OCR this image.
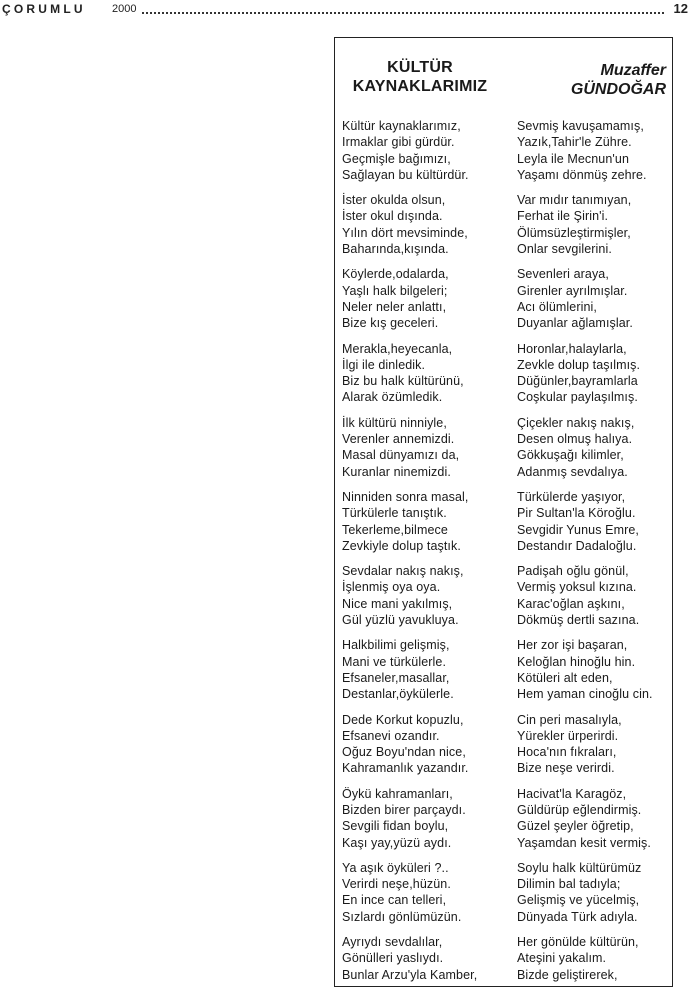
ÇORUMLU 2000	12
KÜLTÜR
KAYNAKLARIMIZ
Muzaffer
GÜNDOĞAR
Kültür kaynaklarımız,
Irmaklar gibi gürdür.
Geçmişle bağımızı,
Sağlayan bu kültürdür.
İster okulda olsun,
İster okul dışında.
Yılın dört mevsiminde,
Baharında,kışında.
Köylerde,odalarda,
Yaşlı halk bilgeleri;
Neler neler anlattı,
Bize kış geceleri.
Merakla,heyecanla,
İlgi ile dinledik.
Biz bu halk kültürünü,
Alarak özümledik.
İlk kültürü ninniyle,
Verenler annemizdi.
Masal dünyamızı da,
Kuranlar ninemizdi.
Ninniden sonra masal,
Türkülerle tanıştık.
Tekerleme,bilmece
Zevkiyle dolup taştık.
Sevdalar nakış nakış,
İşlenmiş oya oya.
Nice mani yakılmış,
Gül yüzlü yavukluya.
Halkbilimi gelişmiş,
Mani ve türkülerle.
Efsaneler,masallar,
Destanlar,öykülerle.
Dede Korkut kopuzlu,
Efsanevi ozandır.
Oğuz Boyu'ndan nice,
Kahramanlık yazandır.
Öykü kahramanları,
Bizden birer parçaydı.
Sevgili fidan boylu,
Kaşı yay,yüzü aydı.
Ya aşık öyküleri ?..
Verirdi neşe,hüzün.
En ince can telleri,
Sızlardı gönlümüzün.
Ayrıydı sevdalılar,
Gönülleri yaslıydı.
Bunlar Arzu'yla Kamber,
Sevmiş kavuşamamış,
Yazık,Tahir'le Zühre.
Leyla ile Mecnun'un
Yaşamı dönmüş zehre.
Var mıdır tanımıyan,
Ferhat ile Şirin'i.
Ölümsüzleştirmişler,
Onlar sevgilerini.
Sevenleri araya,
Girenler ayrılmışlar.
Acı ölümlerini,
Duyanlar ağlamışlar.
Horonlar,halaylarla,
Zevkle dolup taşılmış.
Düğünler,bayramlarla
Coşkular paylaşılmış.
Çiçekler nakış nakış,
Desen olmuş halıya.
Gökkuşağı kilimler,
Adanmış sevdalıya.
Türkülerde yaşıyor,
Pir Sultan'la Köroğlu.
Sevgidir Yunus Emre,
Destandır Dadaloğlu.
Padişah oğlu gönül,
Vermiş yoksul kızına.
Karac'oğlan aşkını,
Dökmüş dertli sazına.
Her zor işi başaran,
Keloğlan hinoğlu hin.
Kötüleri alt eden,
Hem yaman cinoğlu cin.
Cin peri masalıyla,
Yürekler ürperirdi.
Hoca'nın fıkraları,
Bize neşe verirdi.
Hacivat'la Karagöz,
Güldürüp eğlendirmiş.
Güzel şeyler öğretip,
Yaşamdan kesit vermiş.
Soylu halk kültürümüz
Dilimin bal tadıyla;
Gelişmiş ve yücelmiş,
Dünyada Türk adıyla.
Her gönülde kültürün,
Ateşini yakalım.
Bizde geliştirerek,
